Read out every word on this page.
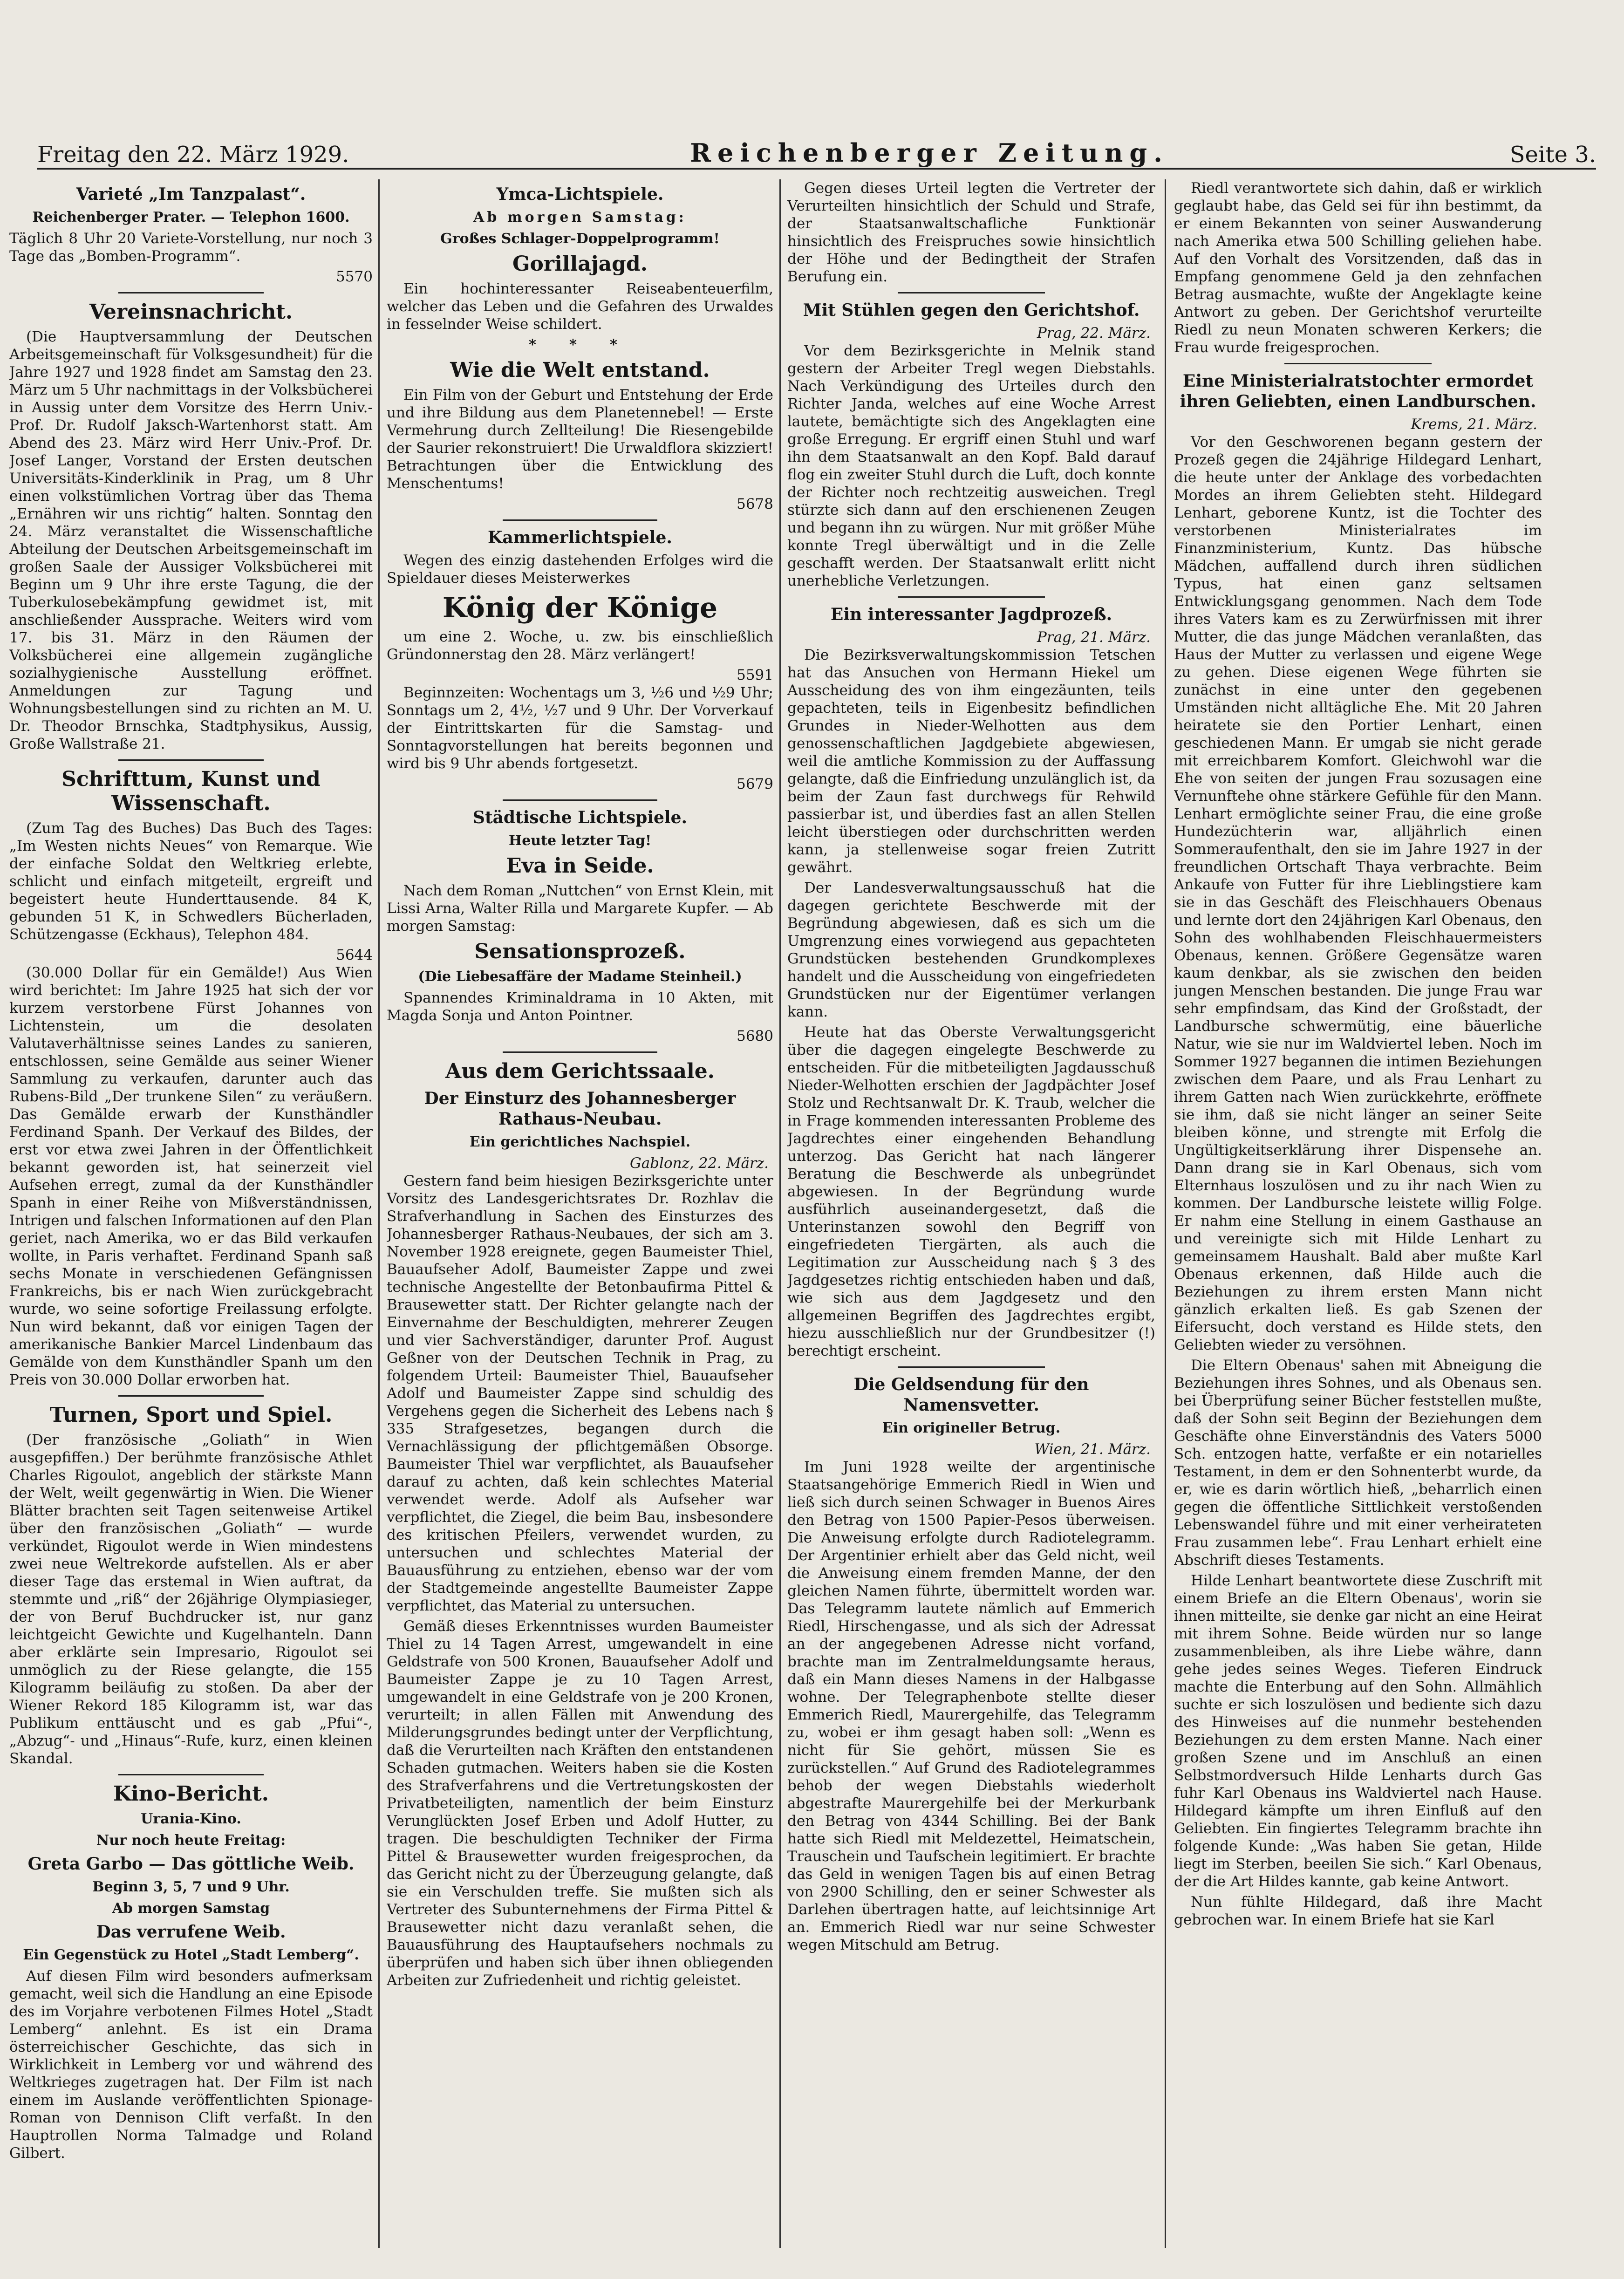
Freitag den 22. März 1929.	Reichenberger Zeitung.	Seite 3.
Varieté „Im Tanzpalast“.
Reichenberger Prater. — Telephon 1600.

Täglich 8 Uhr 20 Variete-Vorstellung, nur noch 3 Tage das „Bomben-Programm“.

5570
Vereinsnachricht.

(Die Hauptversammlung der Deutschen Arbeitsgemeinschaft für Volksgesundheit) für die Jahre 1927 und 1928 findet am Samstag den 23. März um 5 Uhr nachmittags in der Volksbücherei in Aussig unter dem Vorsitze des Herrn Univ.-Prof. Dr. Rudolf Jaksch-Wartenhorst statt. Am Abend des 23. März wird Herr Univ.-Prof. Dr. Josef Langer, Vorstand der Ersten deutschen Universitäts-Kinderklinik in Prag, um 8 Uhr einen volkstümlichen Vortrag über das Thema „Ernähren wir uns richtig“ halten. Sonntag den 24. März veranstaltet die Wissenschaftliche Abteilung der Deutschen Arbeitsgemeinschaft im großen Saale der Aussiger Volksbücherei mit Beginn um 9 Uhr ihre erste Tagung, die der Tuberkulosebekämpfung gewidmet ist, mit anschließender Aussprache. Weiters wird vom 17. bis 31. März in den Räumen der Volksbücherei eine allgemein zugängliche sozialhygienische Ausstellung eröffnet. Anmeldungen zur Tagung und Wohnungsbestellungen sind zu richten an M. U. Dr. Theodor Brnschka, Stadtphysikus, Aussig, Große Wallstraße 21.

Schrifttum, Kunst und Wissenschaft.

(Zum Tag des Buches) Das Buch des Tages: „Im Westen nichts Neues“ von Remarque. Wie der einfache Soldat den Weltkrieg erlebte, schlicht und einfach mitgeteilt, ergreift und begeistert heute Hunderttausende. 84 K, gebunden 51 K, in Schwedlers Bücherladen, Schützengasse (Eckhaus), Telephon 484.

5644

(30.000 Dollar für ein Gemälde!) Aus Wien wird berichtet: Im Jahre 1925 hat sich der vor kurzem verstorbene Fürst Johannes von Lichtenstein, um die desolaten Valutaverhältnisse seines Landes zu sanieren, entschlossen, seine Gemälde aus seiner Wiener Sammlung zu verkaufen, darunter auch das Rubens-Bild „Der trunkene Silen“ zu veräußern. Das Gemälde erwarb der Kunsthändler Ferdinand Spanh. Der Verkauf des Bildes, der erst vor etwa zwei Jahren in der Öffentlichkeit bekannt geworden ist, hat seinerzeit viel Aufsehen erregt, zumal da der Kunsthändler Spanh in einer Reihe von Mißverständnissen, Intrigen und falschen Informationen auf den Plan geriet, nach Amerika, wo er das Bild verkaufen wollte, in Paris verhaftet. Ferdinand Spanh saß sechs Monate in verschiedenen Gefängnissen Frankreichs, bis er nach Wien zurückgebracht wurde, wo seine sofortige Freilassung erfolgte. Nun wird bekannt, daß vor einigen Tagen der amerikanische Bankier Marcel Lindenbaum das Gemälde von dem Kunsthändler Spanh um den Preis von 30.000 Dollar erworben hat.

Turnen, Sport und Spiel.

(Der französische „Goliath“ in Wien ausgepfiffen.) Der berühmte französische Athlet Charles Rigoulot, angeblich der stärkste Mann der Welt, weilt gegenwärtig in Wien. Die Wiener Blätter brachten seit Tagen seitenweise Artikel über den französischen „Goliath“ — wurde verkündet, Rigoulot werde in Wien mindestens zwei neue Weltrekorde aufstellen. Als er aber dieser Tage das erstemal in Wien auftrat, da stemmte und „riß“ der 26jährige Olympiasieger, der von Beruf Buchdrucker ist, nur ganz leichtgeicht Gewichte und Kugelhanteln. Dann aber erklärte sein Impresario, Rigoulot sei unmöglich zu der Riese gelangte, die 155 Kilogramm beiläufig zu stoßen. Da aber der Wiener Rekord 185 Kilogramm ist, war das Publikum enttäuscht und es gab „Pfui“-, „Abzug“- und „Hinaus“-Rufe, kurz, einen kleinen Skandal.

Kino-Bericht.
Urania-Kino.
Nur noch heute Freitag:
Greta Garbo — Das göttliche Weib.
Beginn 3, 5, 7 und 9 Uhr.
Ab morgen Samstag
Das verrufene Weib.
Ein Gegenstück zu Hotel „Stadt Lemberg“.

Auf diesen Film wird besonders aufmerksam gemacht, weil sich die Handlung an eine Episode des im Vorjahre verbotenen Filmes Hotel „Stadt Lemberg“ anlehnt. Es ist ein Drama österreichischer Geschichte, das sich in Wirklichkeit in Lemberg vor und während des Weltkrieges zugetragen hat. Der Film ist nach einem im Auslande veröffentlichten Spionage-Roman von Dennison Clift verfaßt. In den Hauptrollen Norma Talmadge und Roland Gilbert.

Ymca-Lichtspiele.
Ab morgen Samstag:
Großes Schlager-Doppelprogramm!
Gorillajagd.

Ein hochinteressanter Reiseabenteuerfilm, welcher das Leben und die Gefahren des Urwaldes in fesselnder Weise schildert.

* * *
Wie die Welt entstand.

Ein Film von der Geburt und Entstehung der Erde und ihre Bildung aus dem Planetennebel! — Erste Vermehrung durch Zellteilung! Die Riesengebilde der Saurier rekonstruiert! Die Urwaldflora skizziert! Betrachtungen über die Entwicklung des Menschentums!

5678
Kammerlichtspiele.

Wegen des einzig dastehenden Erfolges wird die Spieldauer dieses Meisterwerkes

König der Könige

um eine 2. Woche, u. zw. bis einschließlich Gründonnerstag den 28. März verlängert!

5591

Beginnzeiten: Wochentags um 3, ½6 und ½9 Uhr; Sonntags um 2, 4½, ½7 und 9 Uhr. Der Vorverkauf der Eintrittskarten für die Samstag- und Sonntagvorstellungen hat bereits begonnen und wird bis 9 Uhr abends fortgesetzt.

5679
Städtische Lichtspiele.
Heute letzter Tag!
Eva in Seide.

Nach dem Roman „Nuttchen“ von Ernst Klein, mit Lissi Arna, Walter Rilla und Margarete Kupfer. — Ab morgen Samstag:

Sensationsprozeß.
(Die Liebesaffäre der Madame Steinheil.)

Spannendes Kriminaldrama in 10 Akten, mit Magda Sonja und Anton Pointner.

5680
Aus dem Gerichtssaale.
Der Einsturz des Johannesberger Rathaus-Neubau.
Ein gerichtliches Nachspiel.
Gablonz, 22. März.

Gestern fand beim hiesigen Bezirksgerichte unter Vorsitz des Landesgerichtsrates Dr. Rozhlav die Strafverhandlung in Sachen des Einsturzes des Johannesberger Rathaus-Neubaues, der sich am 3. November 1928 ereignete, gegen Baumeister Thiel, Bauaufseher Adolf, Baumeister Zappe und zwei technische Angestellte der Betonbaufirma Pittel & Brausewetter statt. Der Richter gelangte nach der Einvernahme der Beschuldigten, mehrerer Zeugen und vier Sachverständiger, darunter Prof. August Geßner von der Deutschen Technik in Prag, zu folgendem Urteil: Baumeister Thiel, Bauaufseher Adolf und Baumeister Zappe sind schuldig des Vergehens gegen die Sicherheit des Lebens nach § 335 Strafgesetzes, begangen durch die Vernachlässigung der pflichtgemäßen Obsorge. Baumeister Thiel war verpflichtet, als Bauaufseher darauf zu achten, daß kein schlechtes Material verwendet werde. Adolf als Aufseher war verpflichtet, die Ziegel, die beim Bau, insbesondere des kritischen Pfeilers, verwendet wurden, zu untersuchen und schlechtes Material der Bauausführung zu entziehen, ebenso war der vom der Stadtgemeinde angestellte Baumeister Zappe verpflichtet, das Material zu untersuchen.

Gemäß dieses Erkenntnisses wurden Baumeister Thiel zu 14 Tagen Arrest, umgewandelt in eine Geldstrafe von 500 Kronen, Bauaufseher Adolf und Baumeister Zappe je zu 10 Tagen Arrest, umgewandelt in eine Geldstrafe von je 200 Kronen, verurteilt; in allen Fällen mit Anwendung des Milderungsgrundes bedingt unter der Verpflichtung, daß die Verurteilten nach Kräften den entstandenen Schaden gutmachen. Weiters haben sie die Kosten des Strafverfahrens und die Vertretungskosten der Privatbeteiligten, namentlich der beim Einsturz Verunglückten Josef Erben und Adolf Hutter, zu tragen. Die beschuldigten Techniker der Firma Pittel & Brausewetter wurden freigesprochen, da das Gericht nicht zu der Überzeugung gelangte, daß sie ein Verschulden treffe. Sie mußten sich als Vertreter des Subunternehmens der Firma Pittel & Brausewetter nicht dazu veranlaßt sehen, die Bauausführung des Hauptaufsehers nochmals zu überprüfen und haben sich über ihnen obliegenden Arbeiten zur Zufriedenheit und richtig geleistet.

Gegen dieses Urteil legten die Vertreter der Verurteilten hinsichtlich der Schuld und Strafe, der Staatsanwaltschafliche Funktionär hinsichtlich des Freispruches sowie hinsichtlich der Höhe und der Bedingtheit der Strafen Berufung ein.

Mit Stühlen gegen den Gerichtshof.
Prag, 22. März.

Vor dem Bezirksgerichte in Melnik stand gestern der Arbeiter Tregl wegen Diebstahls. Nach Verkündigung des Urteiles durch den Richter Janda, welches auf eine Woche Arrest lautete, bemächtigte sich des Angeklagten eine große Erregung. Er ergriff einen Stuhl und warf ihn dem Staatsanwalt an den Kopf. Bald darauf flog ein zweiter Stuhl durch die Luft, doch konnte der Richter noch rechtzeitig ausweichen. Tregl stürzte sich dann auf den erschienenen Zeugen und begann ihn zu würgen. Nur mit größer Mühe konnte Tregl überwältigt und in die Zelle geschafft werden. Der Staatsanwalt erlitt nicht unerhebliche Verletzungen.

Ein interessanter Jagdprozeß.
Prag, 21. März.

Die Bezirksverwaltungskommission Tetschen hat das Ansuchen von Hermann Hiekel um Ausscheidung des von ihm eingezäunten, teils gepachteten, teils in Eigenbesitz befindlichen Grundes in Nieder-Welhotten aus dem genossenschaftlichen Jagdgebiete abgewiesen, weil die amtliche Kommission zu der Auffassung gelangte, daß die Einfriedung unzulänglich ist, da beim der Zaun fast durchwegs für Rehwild passierbar ist, und überdies fast an allen Stellen leicht überstiegen oder durchschritten werden kann, ja stellenweise sogar freien Zutritt gewährt.

Der Landesverwaltungsausschuß hat die dagegen gerichtete Beschwerde mit der Begründung abgewiesen, daß es sich um die Umgrenzung eines vorwiegend aus gepachteten Grundstücken bestehenden Grundkomplexes handelt und die Ausscheidung von eingefriedeten Grundstücken nur der Eigentümer verlangen kann.

Heute hat das Oberste Verwaltungsgericht über die dagegen eingelegte Beschwerde zu entscheiden. Für die mitbeteiligten Jagdausschuß Nieder-Welhotten erschien der Jagdpächter Josef Stolz und Rechtsanwalt Dr. K. Traub, welcher die in Frage kommenden interessanten Probleme des Jagdrechtes einer eingehenden Behandlung unterzog. Das Gericht hat nach längerer Beratung die Beschwerde als unbegründet abgewiesen. In der Begründung wurde ausführlich auseinandergesetzt, daß die Unterinstanzen sowohl den Begriff von eingefriedeten Tiergärten, als auch die Legitimation zur Ausscheidung nach § 3 des Jagdgesetzes richtig entschieden haben und daß, wie sich aus dem Jagdgesetz und den allgemeinen Begriffen des Jagdrechtes ergibt, hiezu ausschließlich nur der Grundbesitzer (!) berechtigt erscheint.

Die Geldsendung für den Namensvetter.
Ein origineller Betrug.
Wien, 21. März.

Im Juni 1928 weilte der argentinische Staatsangehörige Emmerich Riedl in Wien und ließ sich durch seinen Schwager in Buenos Aires den Betrag von 1500 Papier-Pesos überweisen. Die Anweisung erfolgte durch Radiotelegramm. Der Argentinier erhielt aber das Geld nicht, weil die Anweisung einem fremden Manne, der den gleichen Namen führte, übermittelt worden war. Das Telegramm lautete nämlich auf Emmerich Riedl, Hirschengasse, und als sich der Adressat an der angegebenen Adresse nicht vorfand, brachte man im Zentralmeldungsamte heraus, daß ein Mann dieses Namens in der Halbgasse wohne. Der Telegraphenbote stellte dieser Emmerich Riedl, Maurergehilfe, das Telegramm zu, wobei er ihm gesagt haben soll: „Wenn es nicht für Sie gehört, müssen Sie es zurückstellen.“ Auf Grund des Radiotelegrammes behob der wegen Diebstahls wiederholt abgestrafte Maurergehilfe bei der Merkurbank den Betrag von 4344 Schilling. Bei der Bank hatte sich Riedl mit Meldezettel, Heimatschein, Trauschein und Taufschein legitimiert. Er brachte das Geld in wenigen Tagen bis auf einen Betrag von 2900 Schilling, den er seiner Schwester als Darlehen übertragen hatte, auf leichtsinnige Art an. Emmerich Riedl war nur seine Schwester wegen Mitschuld am Betrug.

Riedl verantwortete sich dahin, daß er wirklich geglaubt habe, das Geld sei für ihn bestimmt, da er einem Bekannten von seiner Auswanderung nach Amerika etwa 500 Schilling geliehen habe. Auf den Vorhalt des Vorsitzenden, daß das in Empfang genommene Geld ja den zehnfachen Betrag ausmachte, wußte der Angeklagte keine Antwort zu geben. Der Gerichtshof verurteilte Riedl zu neun Monaten schweren Kerkers; die Frau wurde freigesprochen.

Eine Ministerialratstochter ermordet ihren Geliebten, einen Landburschen.
Krems, 21. März.

Vor den Geschworenen begann gestern der Prozeß gegen die 24jährige Hildegard Lenhart, die heute unter der Anklage des vorbedachten Mordes an ihrem Geliebten steht. Hildegard Lenhart, geborene Kuntz, ist die Tochter des verstorbenen Ministerialrates im Finanzministerium, Kuntz. Das hübsche Mädchen, auffallend durch ihren südlichen Typus, hat einen ganz seltsamen Entwicklungsgang genommen. Nach dem Tode ihres Vaters kam es zu Zerwürfnissen mit ihrer Mutter, die das junge Mädchen veranlaßten, das Haus der Mutter zu verlassen und eigene Wege zu gehen. Diese eigenen Wege führten sie zunächst in eine unter den gegebenen Umständen nicht alltägliche Ehe. Mit 20 Jahren heiratete sie den Portier Lenhart, einen geschiedenen Mann. Er umgab sie nicht gerade mit erreichbarem Komfort. Gleichwohl war die Ehe von seiten der jungen Frau sozusagen eine Vernunftehe ohne stärkere Gefühle für den Mann. Lenhart ermöglichte seiner Frau, die eine große Hundezüchterin war, alljährlich einen Sommeraufenthalt, den sie im Jahre 1927 in der freundlichen Ortschaft Thaya verbrachte. Beim Ankaufe von Futter für ihre Lieblingstiere kam sie in das Geschäft des Fleischhauers Obenaus und lernte dort den 24jährigen Karl Obenaus, den Sohn des wohlhabenden Fleischhauermeisters Obenaus, kennen. Größere Gegensätze waren kaum denkbar, als sie zwischen den beiden jungen Menschen bestanden. Die junge Frau war sehr empfindsam, das Kind der Großstadt, der Landbursche schwermütig, eine bäuerliche Natur, wie sie nur im Waldviertel leben. Noch im Sommer 1927 begannen die intimen Beziehungen zwischen dem Paare, und als Frau Lenhart zu ihrem Gatten nach Wien zurückkehrte, eröffnete sie ihm, daß sie nicht länger an seiner Seite bleiben könne, und strengte mit Erfolg die Ungültigkeitserklärung ihrer Dispensehe an. Dann drang sie in Karl Obenaus, sich vom Elternhaus loszulösen und zu ihr nach Wien zu kommen. Der Landbursche leistete willig Folge. Er nahm eine Stellung in einem Gasthause an und vereinigte sich mit Hilde Lenhart zu gemeinsamem Haushalt. Bald aber mußte Karl Obenaus erkennen, daß Hilde auch die Beziehungen zu ihrem ersten Mann nicht gänzlich erkalten ließ. Es gab Szenen der Eifersucht, doch verstand es Hilde stets, den Geliebten wieder zu versöhnen.

Die Eltern Obenaus' sahen mit Abneigung die Beziehungen ihres Sohnes, und als Obenaus sen. bei Überprüfung seiner Bücher feststellen mußte, daß der Sohn seit Beginn der Beziehungen dem Geschäfte ohne Einverständnis des Vaters 5000 Sch. entzogen hatte, verfaßte er ein notarielles Testament, in dem er den Sohnenterbt wurde, da er, wie es darin wörtlich hieß, „beharrlich einen gegen die öffentliche Sittlichkeit verstoßenden Lebenswandel führe und mit einer verheirateten Frau zusammen lebe“. Frau Lenhart erhielt eine Abschrift dieses Testaments.

Hilde Lenhart beantwortete diese Zuschrift mit einem Briefe an die Eltern Obenaus', worin sie ihnen mitteilte, sie denke gar nicht an eine Heirat mit ihrem Sohne. Beide würden nur so lange zusammenbleiben, als ihre Liebe währe, dann gehe jedes seines Weges. Tieferen Eindruck machte die Enterbung auf den Sohn. Allmählich suchte er sich loszulösen und bediente sich dazu des Hinweises auf die nunmehr bestehenden Beziehungen zu dem ersten Manne. Nach einer großen Szene und im Anschluß an einen Selbstmordversuch Hilde Lenharts durch Gas fuhr Karl Obenaus ins Waldviertel nach Hause. Hildegard kämpfte um ihren Einfluß auf den Geliebten. Ein fingiertes Telegramm brachte ihn folgende Kunde: „Was haben Sie getan, Hilde liegt im Sterben, beeilen Sie sich.“ Karl Obenaus, der die Art Hildes kannte, gab keine Antwort.

Nun fühlte Hildegard, daß ihre Macht gebrochen war. In einem Briefe hat sie Karl
